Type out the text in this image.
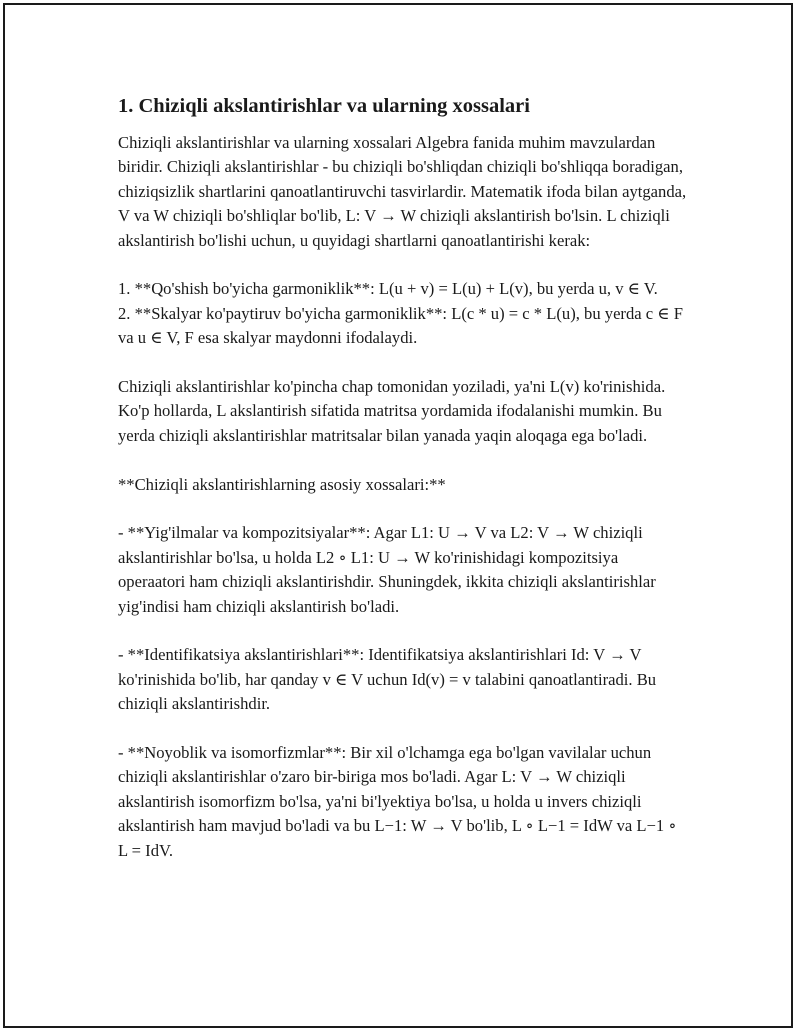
1. Chiziqli akslantirishlar va ularning xossalari

Chiziqli akslantirishlar va ularning xossalari Algebra fanida muhim mavzulardan biridir. Chiziqli akslantirishlar - bu chiziqli bo'shliqdan chiziqli bo'shliqqa boradigan, chiziqsizlik shartlarini qanoatlantiruvchi tasvirlardir. Matematik ifoda bilan aytganda, V va W chiziqli bo'shliqlar bo'lib, L: V → W chiziqli akslantirish bo'lsin. L chiziqli akslantirish bo'lishi uchun, u quyidagi shartlarni qanoatlantirishi kerak:

1. **Qo'shish bo'yicha garmoniklik**: L(u + v) = L(u) + L(v), bu yerda u, v ∈ V.

2. **Skalyar ko'paytiruv bo'yicha garmoniklik**: L(c * u) = c * L(u), bu yerda c ∈ F va u ∈ V, F esa skalyar maydonni ifodalaydi.

Chiziqli akslantirishlar ko'pincha chap tomonidan yoziladi, ya'ni L(v) ko'rinishida. Ko'p hollarda, L akslantirish sifatida matritsa yordamida ifodalanishi mumkin. Bu yerda chiziqli akslantirishlar matritsalar bilan yanada yaqin aloqaga ega bo'ladi.

**Chiziqli akslantirishlarning asosiy xossalari:**

- **Yig'ilmalar va kompozitsiyalar**: Agar L1: U → V va L2: V → W chiziqli akslantirishlar bo'lsa, u holda L2 ∘ L1: U → W ko'rinishidagi kompozitsiya operaatori ham chiziqli akslantirishdir. Shuningdek, ikkita chiziqli akslantirishlar yig'indisi ham chiziqli akslantirish bo'ladi.

- **Identifikatsiya akslantirishlari**: Identifikatsiya akslantirishlari Id: V → V ko'rinishida bo'lib, har qanday v ∈ V uchun Id(v) = v talabini qanoatlantiradi. Bu chiziqli akslantirishdir.

- **Noyoblik va isomorfizmlar**: Bir xil o'lchamga ega bo'lgan vavilalar uchun chiziqli akslantirishlar o'zaro bir-biriga mos bo'ladi. Agar L: V → W chiziqli akslantirish isomorfizm bo'lsa, ya'ni bi'lyektiya bo'lsa, u holda u invers chiziqli akslantirish ham mavjud bo'ladi va bu L−1: W → V bo'lib, L ∘ L−1 = IdW va L−1 ∘ L = IdV.
